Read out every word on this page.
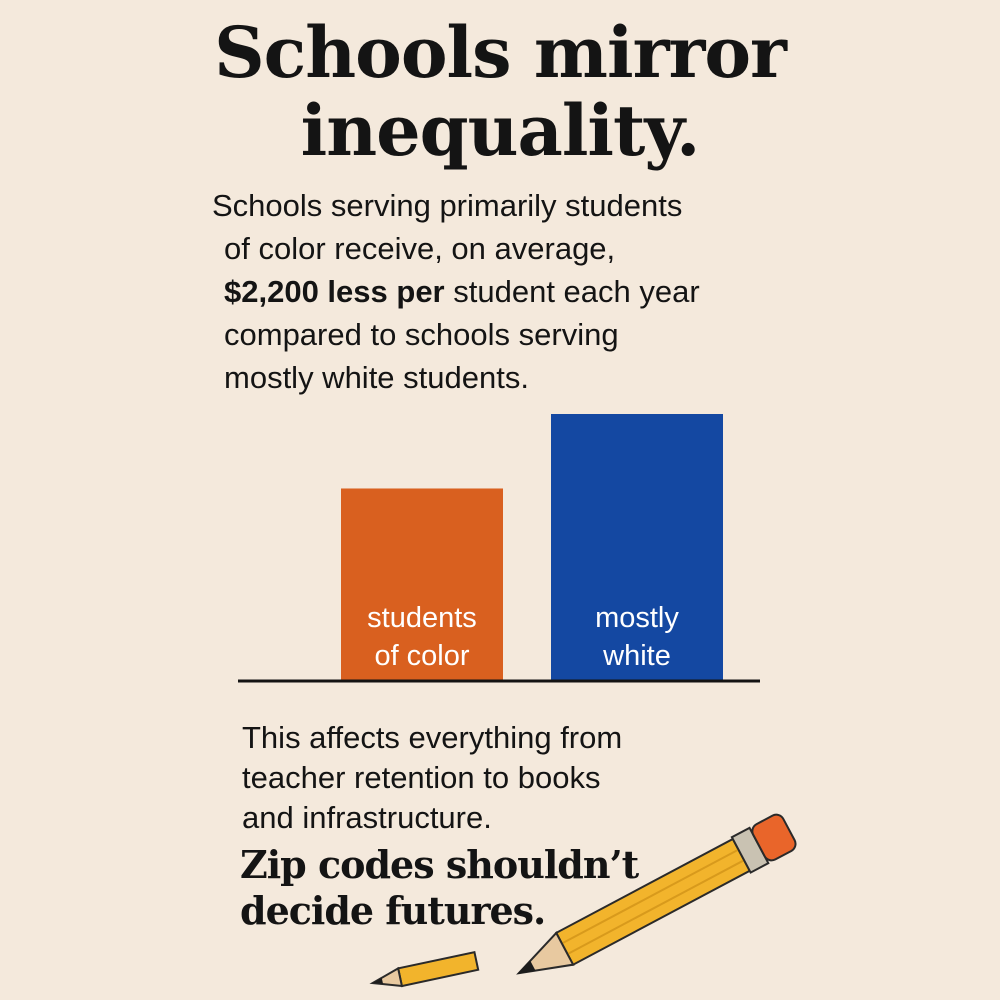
Schools mirror
inequality.
Schools serving primarily students
of color receive, on average,
$2,200 less per student each year
compared to schools serving
mostly white students.
students
of color
mostly
white
This affects everything from
teacher retention to books
and infrastructure.
Zip codes shouldn’t
decide futures.
